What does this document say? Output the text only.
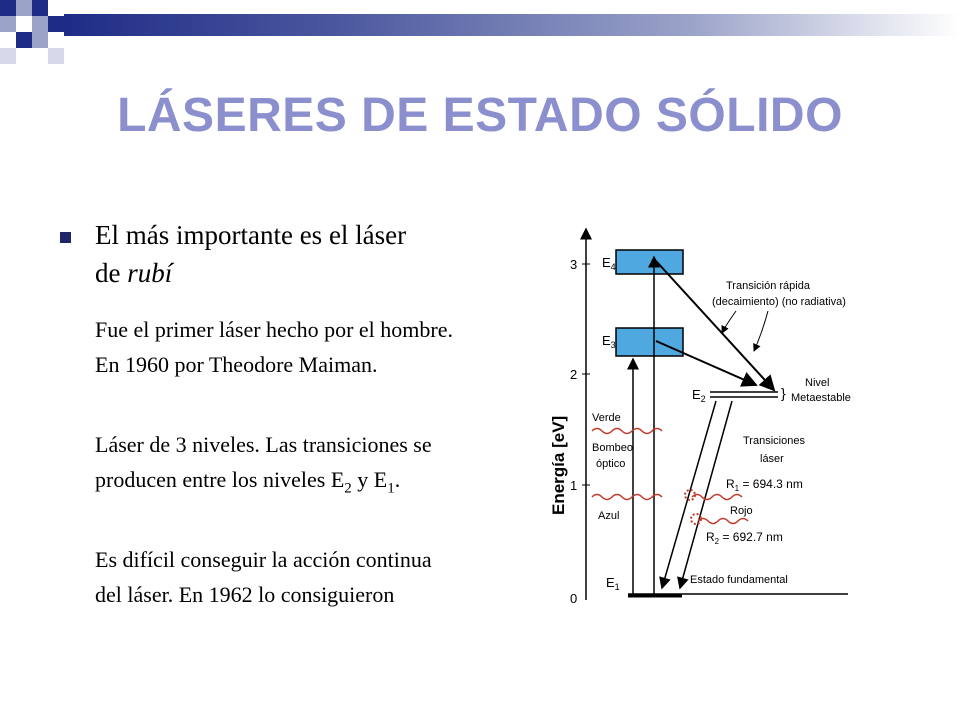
LÁSERES DE ESTADO SÓLIDO
El más importante es el láser de rubí
Fue el primer láser hecho por el hombre. En 1960 por Theodore Maiman.
Láser de 3 niveles. Las transiciones se producen entre los niveles $E_2$ y $E_1$.
Es difícil conseguir la acción continua del láser. En 1962 lo consiguieron
3
2
1
0
Energía [eV]
$E_4$
$E_3$
$E_2$	}
Nivel
Metaestable
$E_1$
Estado fundamental
Transición rápida
(decaimiento) (no radiativa)
Transiciones
láser
$R_1 = 694.3$ nm
Rojo
$R_2 = 692.7$ nm
Verde
Bombeo
óptico
Azul
